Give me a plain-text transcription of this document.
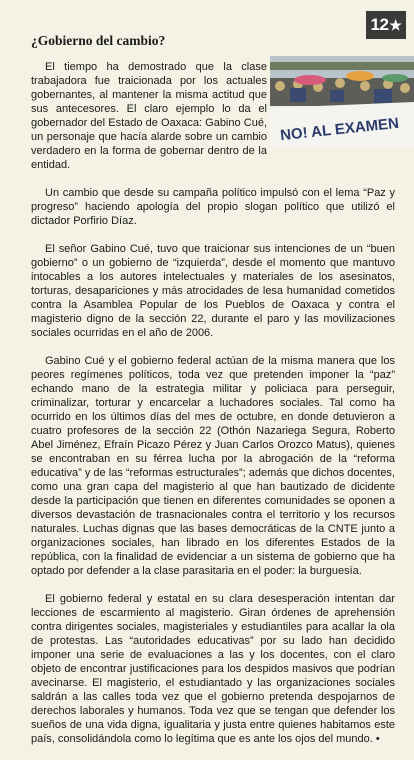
12 ★
¿Gobierno del cambio?
NO! AL EXAMEN

El tiempo ha demostrado que la clase trabajadora fue traicionada por los actuales gobernantes, al mantener la misma actitud que sus antecesores. El claro ejemplo lo da el gobernador del Estado de Oaxaca: Gabino Cué, un personaje que hacía alarde sobre un cambio verdadero en la forma de gobernar dentro de la entidad.

Un cambio que desde su campaña político impulsó con el lema “Paz y progreso” haciendo apología del propio slogan político que utilizó el dictador Porfirio Díaz.

El señor Gabino Cué, tuvo que traicionar sus intenciones de un “buen gobierno” o un gobierno de “izquierda”, desde el momento que mantuvo intocables a los autores intelectuales y materiales de los asesinatos, torturas, desapariciones y más atrocidades de lesa humanidad cometidos contra la Asamblea Popular de los Pueblos de Oaxaca y contra el magisterio digno de la sección 22, durante el paro y las movilizaciones sociales ocurridas en el año de 2006.

Gabino Cué y el gobierno federal actúan de la misma manera que los peores regímenes políticos, toda vez que pretenden imponer la “paz” echando mano de la estrategia militar y policiaca para perseguir, criminalizar, torturar y encarcelar a luchadores sociales. Tal como ha ocurrido en los últimos días del mes de octubre, en donde detuvieron a cuatro profesores de la sección 22 (Othón Nazariega Segura, Roberto Abel Jiménez, Efraín Picazo Pérez y Juan Carlos Orozco Matus), quienes se encontraban en su férrea lucha por la abrogación de la “reforma educativa” y de las “reformas estructurales”; además que dichos docentes, como una gran capa del magisterio al que han bautizado de dicidente desde la participación que tienen en diferentes comunidades se oponen a diversos devastación de trasnacionales contra el territorio y los recursos naturales. Luchas dignas que las bases democráticas de la CNTE junto a organizaciones sociales, han librado en los diferentes Estados de la república, con la finalidad de evidenciar a un sistema de gobierno que ha optado por defender a la clase parasitaria en el poder: la burguesía.

El gobierno federal y estatal en su clara desesperación intentan dar lecciones de escarmiento al magisterio. Giran órdenes de aprehensión contra dirigentes sociales, magisteriales y estudiantiles para acallar la ola de protestas. Las “autoridades educativas” por su lado han decidido imponer una serie de evaluaciones a las y los docentes, con el claro objeto de encontrar justificaciones para los despidos masivos que podrían avecinarse. El magisterio, el estudiantado y las organizaciones sociales saldrán a las calles toda vez que el gobierno pretenda despojarnos de derechos laborales y humanos. Toda vez que se tengan que defender los sueños de una vida digna, igualitaria y justa entre quienes habitamos este país, consolidándola como lo legítima que es ante los ojos del mundo. •
